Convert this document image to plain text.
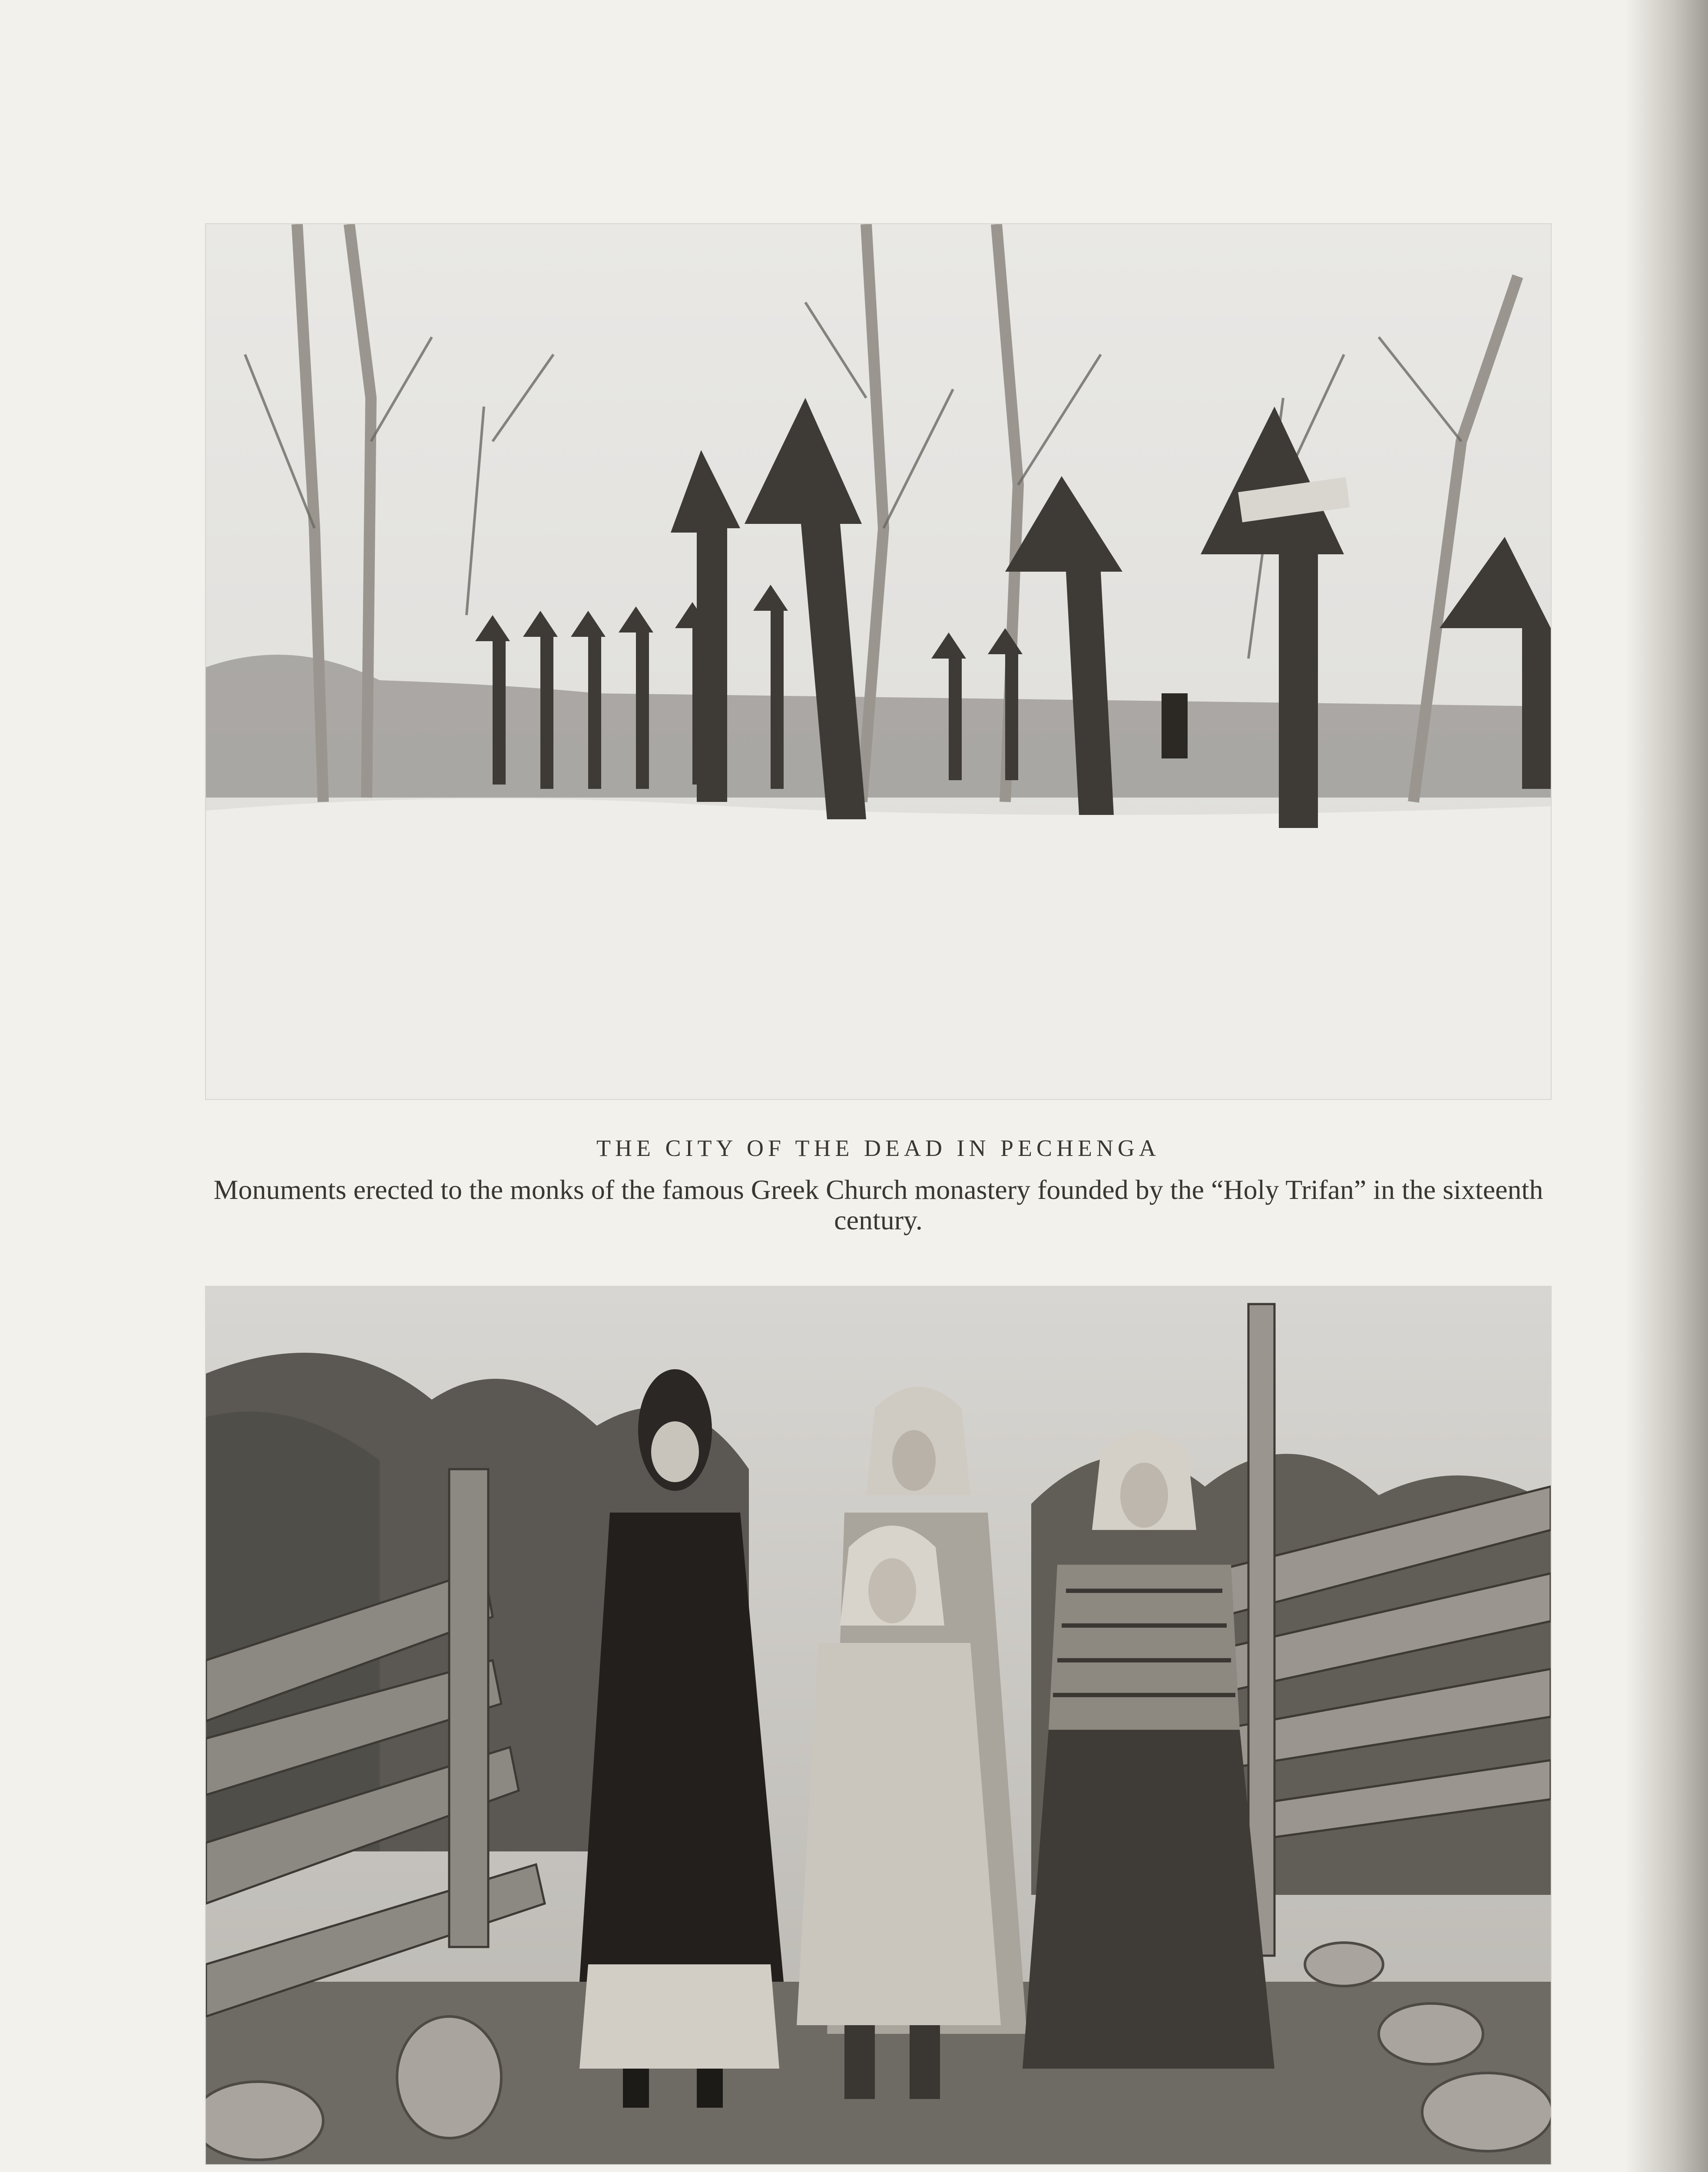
THE CITY OF THE DEAD IN PECHENGA
Monuments erected to the monks of the famous Greek Church monastery founded by the “Holy Trifan” in the sixteenth century.
